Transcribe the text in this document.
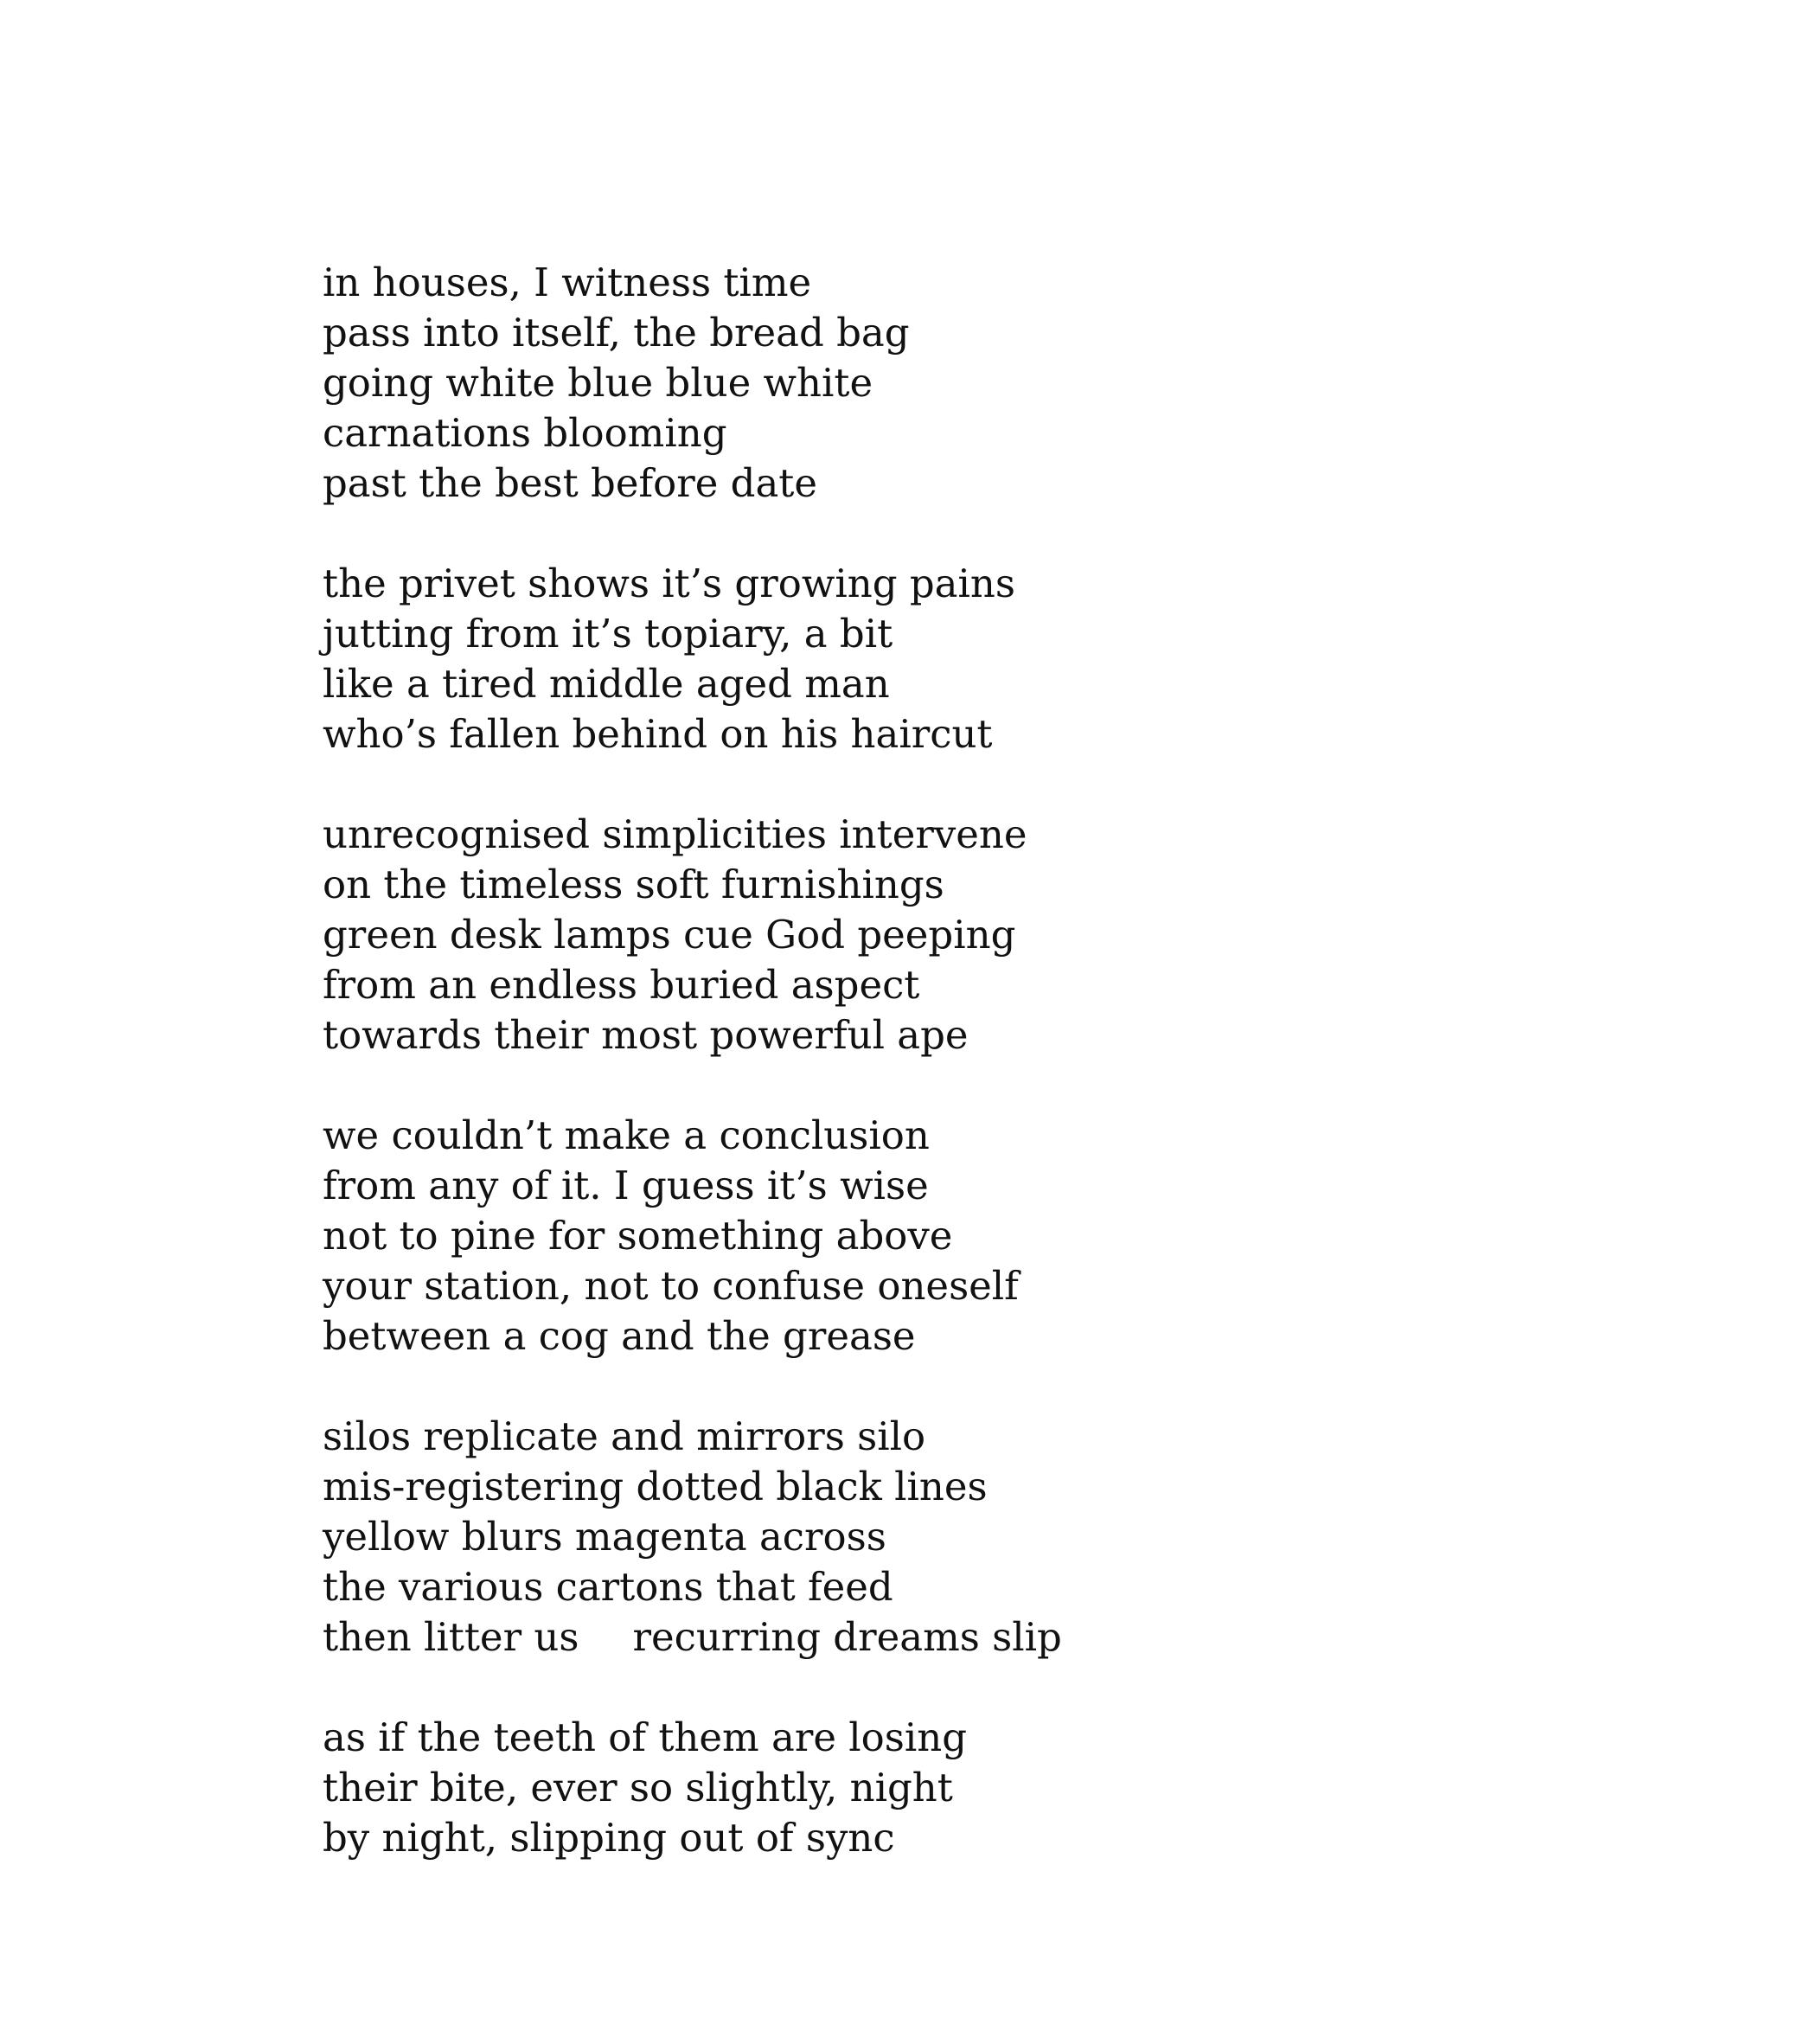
in houses, I witness time
pass into itself, the bread bag
going white blue blue white
carnations blooming
past the best before date
the privet shows it’s growing pains
jutting from it’s topiary, a bit
like a tired middle aged man
who’s fallen behind on his haircut
unrecognised simplicities intervene
on the timeless soft furnishings
green desk lamps cue God peeping
from an endless buried aspect
towards their most powerful ape
we couldn’t make a conclusion
from any of it. I guess it’s wise
not to pine for something above
your station, not to confuse oneself
between a cog and the grease
silos replicate and mirrors silo
mis-registering dotted black lines
yellow blurs magenta across
the various cartons that feed
then litter us recurring dreams slip
as if the teeth of them are losing
their bite, ever so slightly, night
by night, slipping out of sync
